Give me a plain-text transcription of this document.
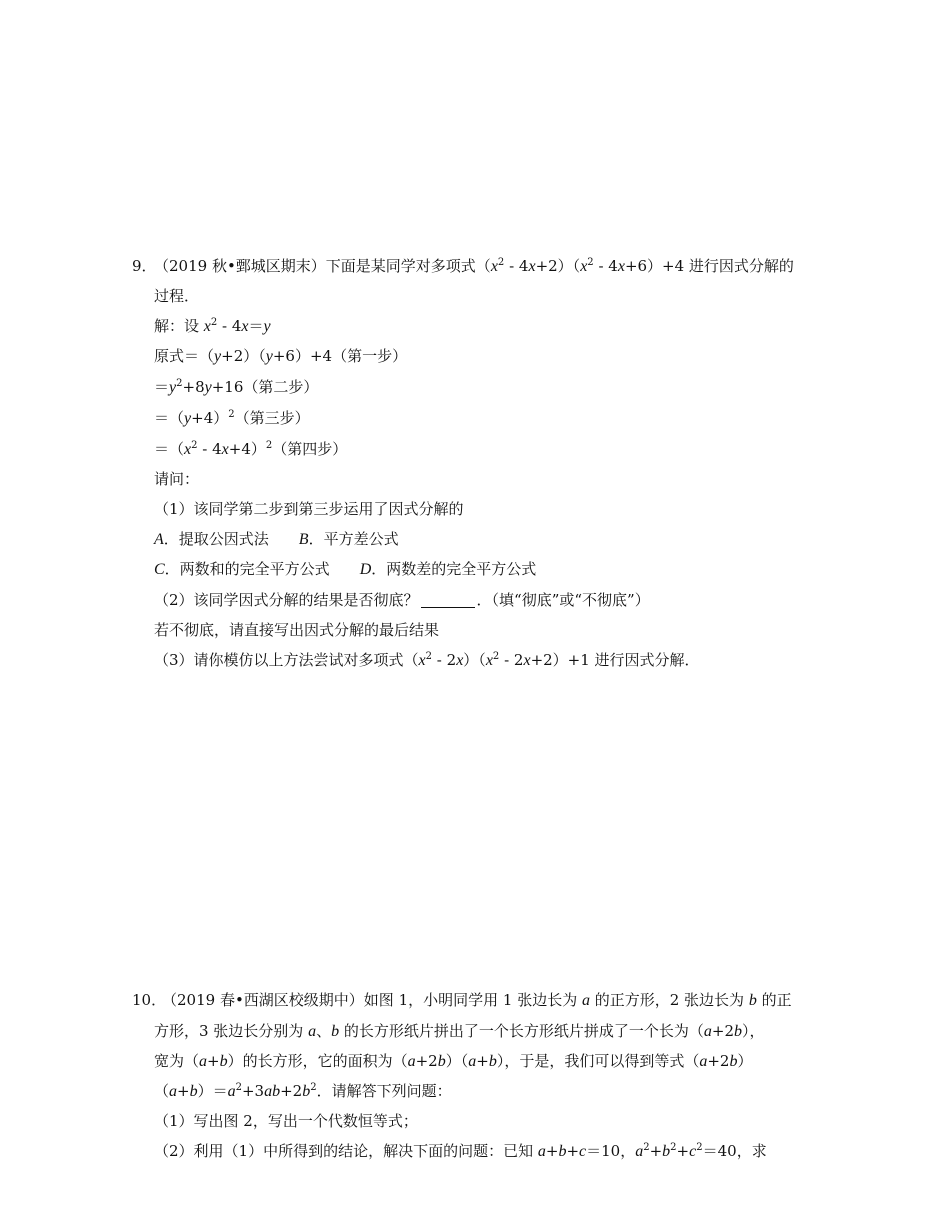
9．
（2019 秋•鄄城区期末）下面是某同学对多项式$(x^2 - 4x+2)(x^2 - 4x+6)+4$ 进行因式分解的
过程．
解：设 $x^2 - 4x=y$
原式＝（y+2）（y+6）+4（第一步）
$=y^2+8y+16$（第二步）
$=(y+4)^2$（第三步）
$=(x^2 - 4x+4)^2$（第四步）
请问：
（1）该同学第二步到第三步运用了因式分解的
A．提取公因式法 B．平方差公式
C．两数和的完全平方公式 D．两数差的完全平方公式
（2）该同学因式分解的结果是否彻底？	．（填“彻底”或“不彻底”）
若不彻底，请直接写出因式分解的最后结果
（3）请你模仿以上方法尝试对多项式$(x^2 - 2x)(x^2 - 2x+2)+1$ 进行因式分解．
10．
（2019 春•西湖区校级期中）如图 1，小明同学用 1 张边长为 a 的正方形，2 张边长为 b 的正
方形，3 张边长分别为 a、b 的长方形纸片拼出了一个长方形纸片拼成了一个长为（a+2b），
宽为（a+b）的长方形，它的面积为（a+2b）（a+b），于是，我们可以得到等式（a+2b）
$(a+b)=a^2+3ab+2b^2$．请解答下列问题：
（1）写出图 2，写出一个代数恒等式；
（2）利用（1）中所得到的结论，解决下面的问题：已知 a+b+c＝10，$a^2+b^2+c^2=40$，求
